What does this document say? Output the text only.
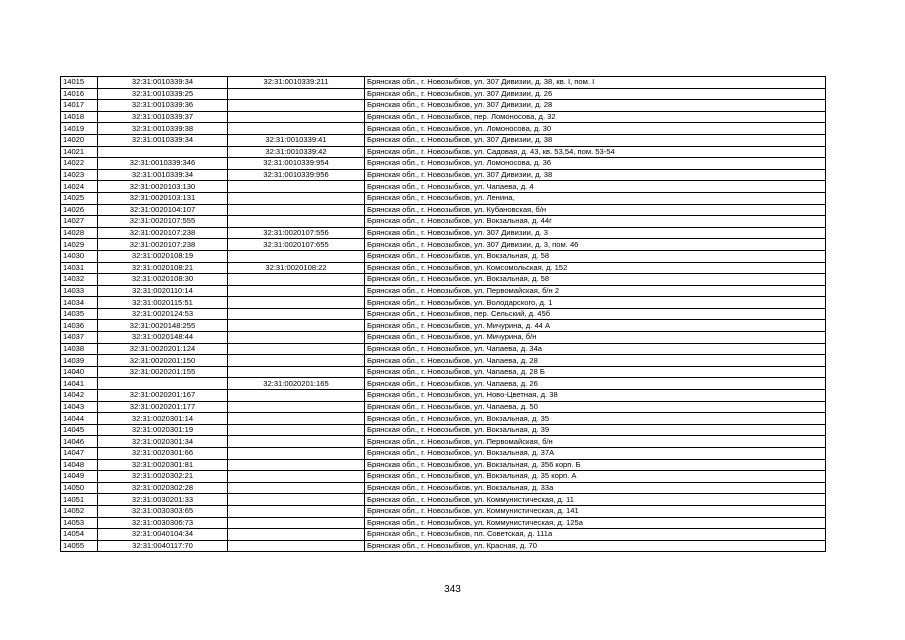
14015	32:31:0010339:34	32:31:0010339:211	Брянская обл., г. Новозыбков, ул. 307 Дивизии, д. 38, кв. I, пом. I
14016	32:31:0010339:25		Брянская обл., г. Новозыбков, ул. 307 Дивизии, д. 26
14017	32:31:0010339:36		Брянская обл., г. Новозыбков, ул. 307 Дивизии, д. 28
14018	32:31:0010339:37		Брянская обл., г. Новозыбков, пер. Ломоносова, д. 32
14019	32:31:0010339:38		Брянская обл., г. Новозыбков, ул. Ломоносова, д. 30
14020	32:31:0010339:34	32:31:0010339:41	Брянская обл., г. Новозыбков, ул. 307 Дивизии, д. 38
14021		32:31:0010339:42	Брянская обл., г. Новозыбков, ул. Садовая, д. 43, кв. 53,54, пом. 53-54
14022	32:31:0010339:346	32:31:0010339:954	Брянская обл., г. Новозыбков, ул. Ломоносова, д. 36
14023	32:31:0010339:34	32:31:0010339:956	Брянская обл., г. Новозыбков, ул. 307 Дивизии, д. 38
14024	32:31:0020103:130		Брянская обл., г. Новозыбков, ул. Чапаева, д. 4
14025	32:31:0020103:131		Брянская обл., г. Новозыбков, ул. Ленина,
14026	32:31:0020104:107		Брянская обл., г. Новозыбков, ул. Кубановская, б/н
14027	32:31:0020107:555		Брянская обл., г. Новозыбков, ул. Вокзальная, д. 44г
14028	32:31:0020107:238	32:31:0020107:556	Брянская обл., г. Новозыбков, ул. 307 Дивизии, д. 3
14029	32:31:0020107:238	32:31:0020107:655	Брянская обл., г. Новозыбков, ул. 307 Дивизии, д. 3, пом. 46
14030	32:31:0020108:19		Брянская обл., г. Новозыбков, ул. Вокзальная, д. 58
14031	32:31:0020108:21	32:31:0020108:22	Брянская обл., г. Новозыбков, ул. Комсомольская, д. 152
14032	32:31:0020108:30		Брянская обл., г. Новозыбков, ул. Вокзальная, д. 58
14033	32:31:0020110:14		Брянская обл., г. Новозыбков, ул. Первомайская, б/н 2
14034	32:31:0020115:51		Брянская обл., г. Новозыбков, ул. Володарского, д. 1
14035	32:31:0020124:53		Брянская обл., г. Новозыбков, пер. Сельский, д. 45б
14036	32:31:0020148:255		Брянская обл., г. Новозыбков, ул. Мичурина, д. 44 А
14037	32:31:0020148:44		Брянская обл., г. Новозыбков, ул. Мичурина, б/н
14038	32:31:0020201:124		Брянская обл., г. Новозыбков, ул. Чапаева, д. 34а
14039	32:31:0020201:150		Брянская обл., г. Новозыбков, ул. Чапаева, д. 28
14040	32:31:0020201:155		Брянская обл., г. Новозыбков, ул. Чапаева, д. 28 Б
14041		32:31:0020201:165	Брянская обл., г. Новозыбков, ул. Чапаева, д. 26
14042	32:31:0020201:167		Брянская обл., г. Новозыбков, ул. Ново-Цветная, д. 38
14043	32:31:0020201:177		Брянская обл., г. Новозыбков, ул. Чапаева, д. 50
14044	32:31:0020301:14		Брянская обл., г. Новозыбков, ул. Вокзальная, д. 35
14045	32:31:0020301:19		Брянская обл., г. Новозыбков, ул. Вокзальная, д. 39
14046	32:31:0020301:34		Брянская обл., г. Новозыбков, ул. Первомайская, б/н
14047	32:31:0020301:66		Брянская обл., г. Новозыбков, ул. Вокзальная, д. 37А
14048	32:31:0020301:81		Брянская обл., г. Новозыбков, ул. Вокзальная, д. 356 корп. Б
14049	32:31:0020302:21		Брянская обл., г. Новозыбков, ул. Вокзальная, д. 35 корп. А
14050	32:31:0020302:28		Брянская обл., г. Новозыбков, ул. Вокзальная, д. 33а
14051	32:31:0030201:33		Брянская обл., г. Новозыбков, ул. Коммунистическая, д. 11
14052	32:31:0030303:65		Брянская обл., г. Новозыбков, ул. Коммунистическая, д. 141
14053	32:31:0030306:73		Брянская обл., г. Новозыбков, ул. Коммунистическая, д. 125а
14054	32:31:0040104:34		Брянская обл., г. Новозыбков, пл. Советская, д. 111а
14055	32:31:0040117:70		Брянская обл., г. Новозыбков, ул. Красная, д. 70
343
